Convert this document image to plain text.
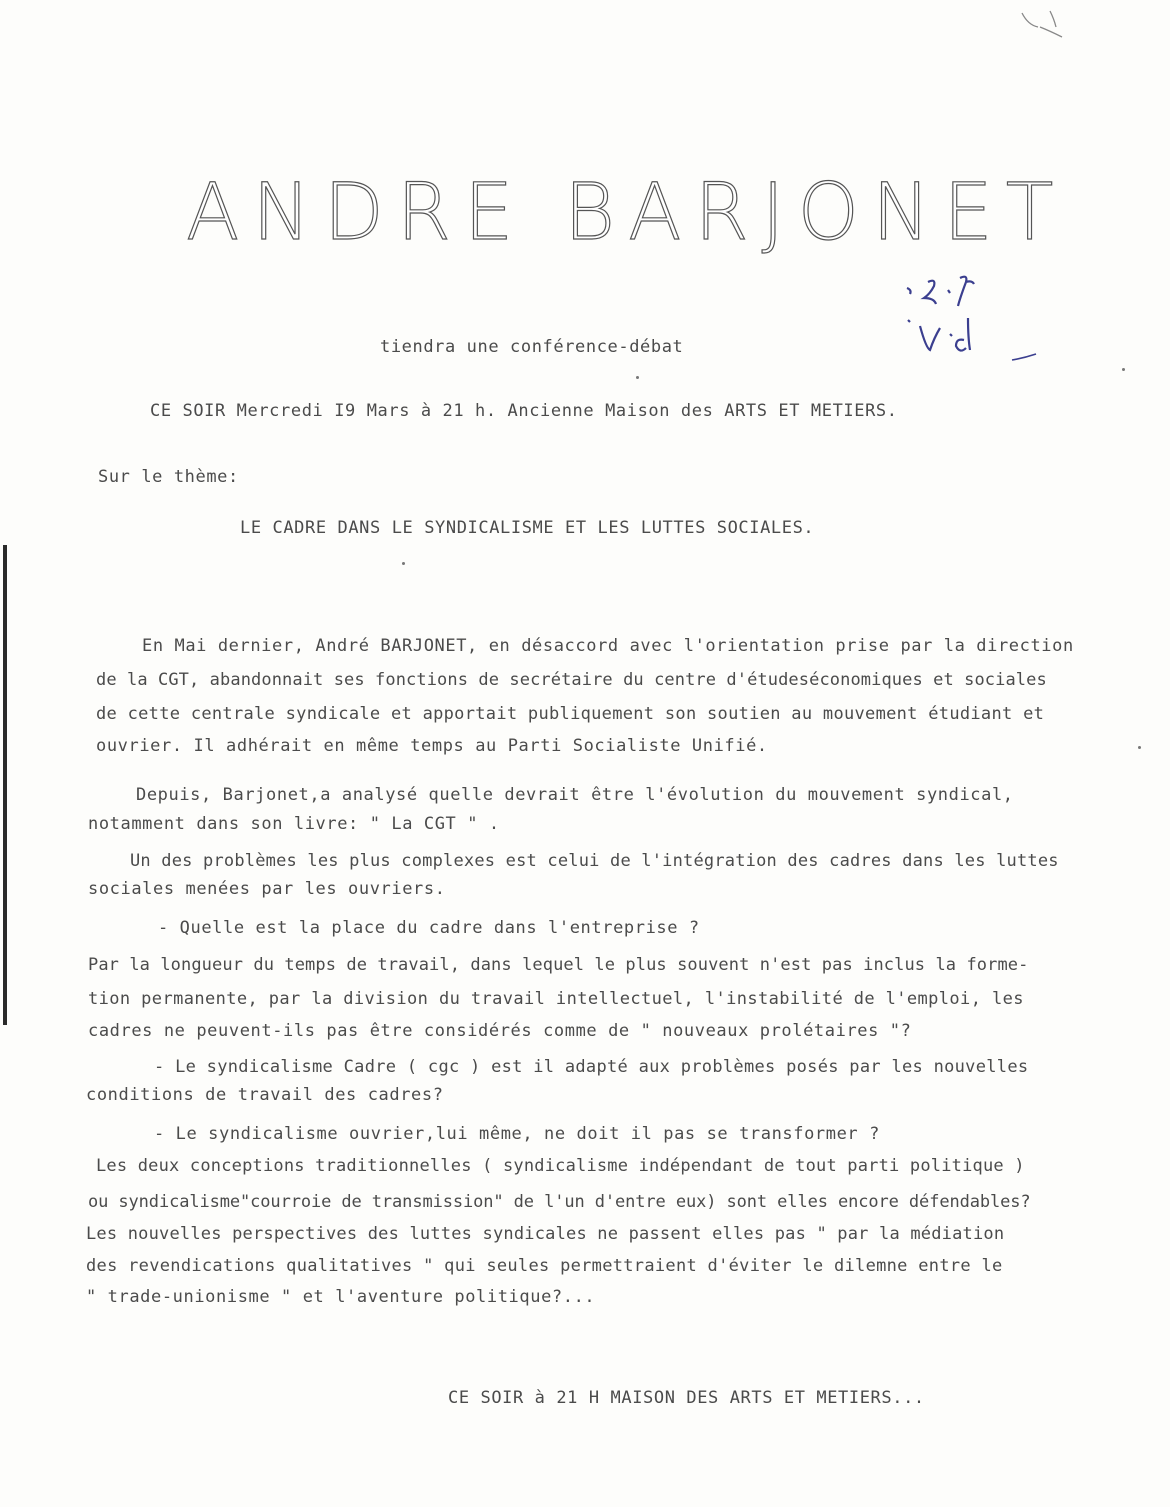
ANDRE BARJONET
tiendra une conférence-débat
CE SOIR Mercredi I9 Mars à 21 h. Ancienne Maison des ARTS ET METIERS.
Sur le thème:
LE CADRE DANS LE SYNDICALISME ET LES LUTTES SOCIALES.
En Mai dernier, André BARJONET, en désaccord avec l'orientation prise par la direction
de la CGT, abandonnait ses fonctions de secrétaire du centre d'étudeséconomiques et sociales
de cette centrale syndicale et apportait publiquement son soutien au mouvement étudiant et
ouvrier. Il adhérait en même temps au Parti Socialiste Unifié.
Depuis, Barjonet,a analysé quelle devrait être l'évolution du mouvement syndical,
notamment dans son livre: " La CGT " .
Un des problèmes les plus complexes est celui de l'intégration des cadres dans les luttes
sociales menées par les ouvriers.
- Quelle est la place du cadre dans l'entreprise ?
Par la longueur du temps de travail, dans lequel le plus souvent n'est pas inclus la forme-
tion permanente, par la division du travail intellectuel, l'instabilité de l'emploi, les
cadres ne peuvent-ils pas être considérés comme de " nouveaux prolétaires "?
- Le syndicalisme Cadre ( cgc ) est il adapté aux problèmes posés par les nouvelles
conditions de travail des cadres?
- Le syndicalisme ouvrier,lui même, ne doit il pas se transformer ?
Les deux conceptions traditionnelles ( syndicalisme indépendant de tout parti politique )
ou syndicalisme"courroie de transmission" de l'un d'entre eux) sont elles encore défendables?
Les nouvelles perspectives des luttes syndicales ne passent elles pas " par la médiation
des revendications qualitatives " qui seules permettraient d'éviter le dilemne entre le
" trade-unionisme " et l'aventure politique?...
CE SOIR à 21 H MAISON DES ARTS ET METIERS...
